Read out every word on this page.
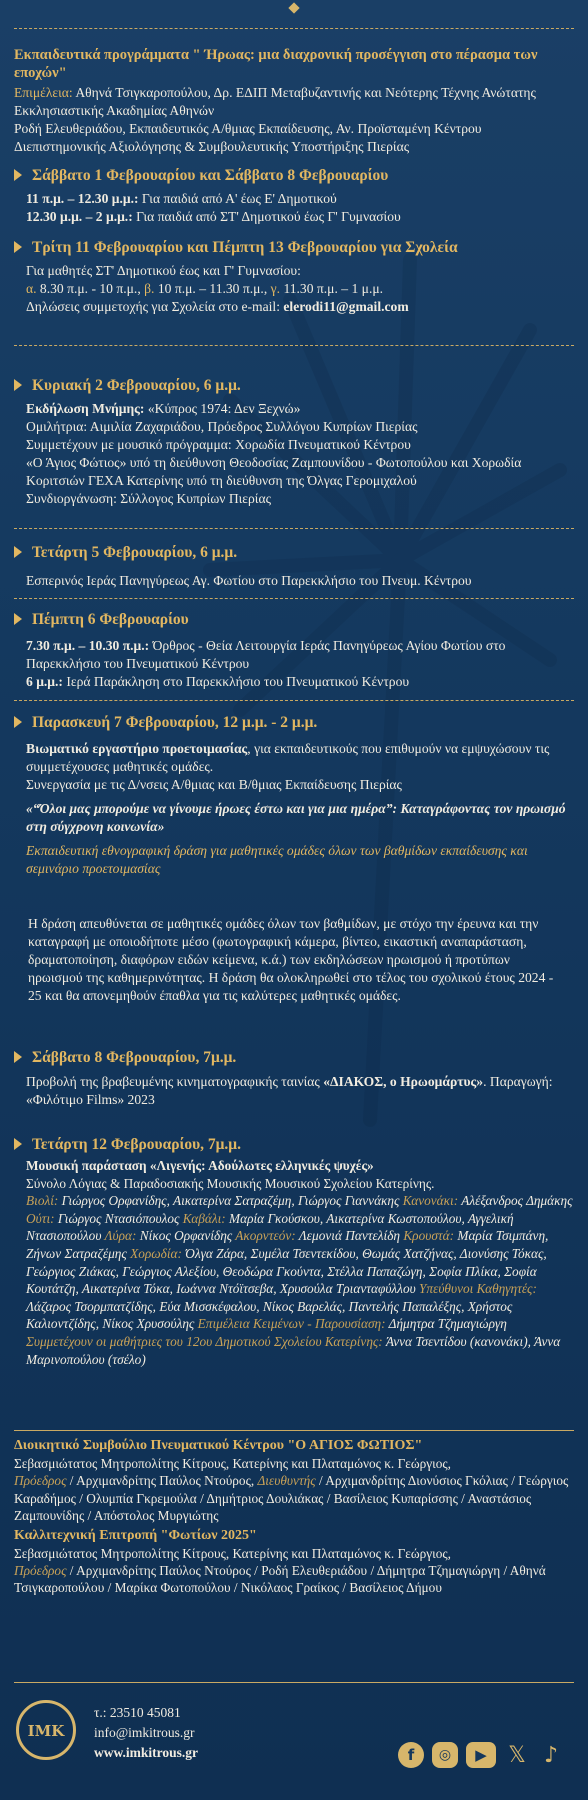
Εκπαιδευτικά προγράμματα " Ήρωας: μια διαχρονική προσέγγιση στο πέρασμα των εποχών"
Επιμέλεια: Αθηνά Τσιγκαροπούλου, Δρ. ΕΔΙΠ Μεταβυζαντινής και Νεότερης Τέχνης Ανώτατης Εκκλησιαστικής Ακαδημίας Αθηνών
Ροδή Ελευθεριάδου, Εκπαιδευτικός Α/θμιας Εκπαίδευσης, Αν. Προϊσταμένη Κέντρου Διεπιστημονικής Αξιολόγησης & Συμβουλευτικής Υποστήριξης Πιερίας
Σάββατο 1 Φεβρουαρίου και Σάββατο 8 Φεβρουαρίου
11 π.μ. – 12.30 μ.μ.: Για παιδιά από Α' έως Ε' Δημοτικού
12.30 μ.μ. – 2 μ.μ.: Για παιδιά από ΣΤ' Δημοτικού έως Γ' Γυμνασίου
Τρίτη 11 Φεβρουαρίου και Πέμπτη 13 Φεβρουαρίου για Σχολεία
Για μαθητές ΣΤ' Δημοτικού έως και Γ' Γυμνασίου:
α. 8.30 π.μ. - 10 π.μ., β. 10 π.μ. – 11.30 π.μ., γ. 11.30 π.μ. – 1 μ.μ.
Δηλώσεις συμμετοχής για Σχολεία στο e-mail: elerodi11@gmail.com
Κυριακή 2 Φεβρουαρίου, 6 μ.μ.
Εκδήλωση Μνήμης: «Κύπρος 1974: Δεν Ξεχνώ»
Ομιλήτρια: Αιμιλία Ζαχαριάδου, Πρόεδρος Συλλόγου Κυπρίων Πιερίας
Συμμετέχουν με μουσικό πρόγραμμα: Χορωδία Πνευματικού Κέντρου
«Ο Άγιος Φώτιος» υπό τη διεύθυνση Θεοδοσίας Ζαμπουνίδου - Φωτοπούλου και Χορωδία Κοριτσιών ΓΕΧΑ Κατερίνης υπό τη διεύθυνση της Όλγας Γερομιχαλού
Συνδιοργάνωση: Σύλλογος Κυπρίων Πιερίας
Τετάρτη 5 Φεβρουαρίου, 6 μ.μ.
Εσπερινός Ιεράς Πανηγύρεως Αγ. Φωτίου στο Παρεκκλήσιο του Πνευμ. Κέντρου
Πέμπτη 6 Φεβρουαρίου
7.30 π.μ. – 10.30 π.μ.: Όρθρος - Θεία Λειτουργία Ιεράς Πανηγύρεως Αγίου Φωτίου στο Παρεκκλήσιο του Πνευματικού Κέντρου
6 μ.μ.: Ιερά Παράκληση στο Παρεκκλήσιο του Πνευματικού Κέντρου
Παρασκευή 7 Φεβρουαρίου, 12 μ.μ. - 2 μ.μ.
Βιωματικό εργαστήριο προετοιμασίας, για εκπαιδευτικούς που επιθυμούν να εμψυχώσουν τις συμμετέχουσες μαθητικές ομάδες.
Συνεργασία με τις Δ/νσεις Α/θμιας και Β/θμιας Εκπαίδευσης Πιερίας
«“Όλοι μας μπορούμε να γίνουμε ήρωες έστω και για μια ημέρα”: Καταγράφοντας τον ηρωισμό στη σύγχρονη κοινωνία»
Εκπαιδευτική εθνογραφική δράση για μαθητικές ομάδες όλων των βαθμίδων εκπαίδευσης και σεμινάριο προετοιμασίας
Η δράση απευθύνεται σε μαθητικές ομάδες όλων των βαθμίδων, με στόχο την έρευνα και την καταγραφή με οποιοδήποτε μέσο (φωτογραφική κάμερα, βίντεο, εικαστική αναπαράσταση, δραματοποίηση, διαφόρων ειδών κείμενα, κ.ά.) των εκδηλώσεων ηρωισμού ή προτύπων ηρωισμού της καθημερινότητας. Η δράση θα ολοκληρωθεί στο τέλος του σχολικού έτους 2024 - 25 και θα απονεμηθούν έπαθλα για τις καλύτερες μαθητικές ομάδες.
Σάββατο 8 Φεβρουαρίου, 7μ.μ.
Προβολή της βραβευμένης κινηματογραφικής ταινίας «ΔΙΑΚΟΣ, ο Ηρωομάρτυς». Παραγωγή: «Φιλότιμο Films» 2023
Τετάρτη 12 Φεβρουαρίου, 7μ.μ.
Μουσική παράσταση «Λιγενής: Αδούλωτες ελληνικές ψυχές»
Σύνολο Λόγιας & Παραδοσιακής Μουσικής Μουσικού Σχολείου Κατερίνης.
Βιολί: Γιώργος Ορφανίδης, Αικατερίνα Σατραζέμη, Γιώργος Γιαννάκης Κανονάκι: Αλέξανδρος Δημάκης Ούτι: Γιώργος Ντασιόπουλος Καβάλι: Μαρία Γκούσκου, Αικατερίνα Κωστοπούλου, Αγγελική Ντασιοπούλου Λύρα: Νίκος Ορφανίδης Ακορντεόν: Λεμονιά Παντελίδη Κρουστά: Μαρία Τσιμπάνη, Ζήνων Σατραζέμης Χορωδία: Όλγα Ζάρα, Συμέλα Τσεντεκίδου, Θωμάς Χατζήνας, Διονύσης Τόκας, Γεώργιος Ζιάκας, Γεώργιος Αλεξίου, Θεοδώρα Γκούντα, Στέλλα Παπαζώγη, Σοφία Πλίκα, Σοφία Κουτάτζη, Αικατερίνα Τόκα, Ιωάννα Ντόϊτσεβα, Χρυσούλα Τριανταφύλλου Υπεύθυνοι Καθηγητές: Λάζαρος Τσορμπατζίδης, Εύα Μισσκέφαλου, Νίκος Βαρελάς, Παντελής Παπαλέξης, Χρήστος Καλιοντζίδης, Νίκος Χρυσούλης Επιμέλεια Κειμένων - Παρουσίαση: Δήμητρα Τζημαγιώργη Συμμετέχουν οι μαθήτριες του 12ου Δημοτικού Σχολείου Κατερίνης: Άννα Τσεντίδου (κανονάκι), Άννα Μαρινοπούλου (τσέλο)
Διοικητικό Συμβούλιο Πνευματικού Κέντρου "Ο ΑΓΙΟΣ ΦΩΤΙΟΣ"
Σεβασμιώτατος Μητροπολίτης Κίτρους, Κατερίνης και Πλαταμώνος κ. Γεώργιος,
Πρόεδρος / Αρχιμανδρίτης Παύλος Ντούρος, Διευθυντής / Αρχιμανδρίτης Διονύσιος Γκόλιας / Γεώργιος Καραδήμος / Ολυμπία Γκρεμούλα / Δημήτριος Δουλιάκας / Βασίλειος Κυπαρίσσης / Αναστάσιος Ζαμπουνίδης / Απόστολος Μυργιώτης
Καλλιτεχνική Επιτροπή "Φωτίων 2025"
Σεβασμιώτατος Μητροπολίτης Κίτρους, Κατερίνης και Πλαταμώνος κ. Γεώργιος,
Πρόεδρος / Αρχιμανδρίτης Παύλος Ντούρος / Ροδή Ελευθεριάδου / Δήμητρα Τζημαγιώργη / Αθηνά Τσιγκαροπούλου / Μαρίκα Φωτοπούλου / Νικόλαος Γραίκος / Βασίλειος Δήμου
ΙΜΚ
τ.: 23510 45081
info@imkitrous.gr
www.imkitrous.gr	f	◎	▶ 𝕏 ♪
